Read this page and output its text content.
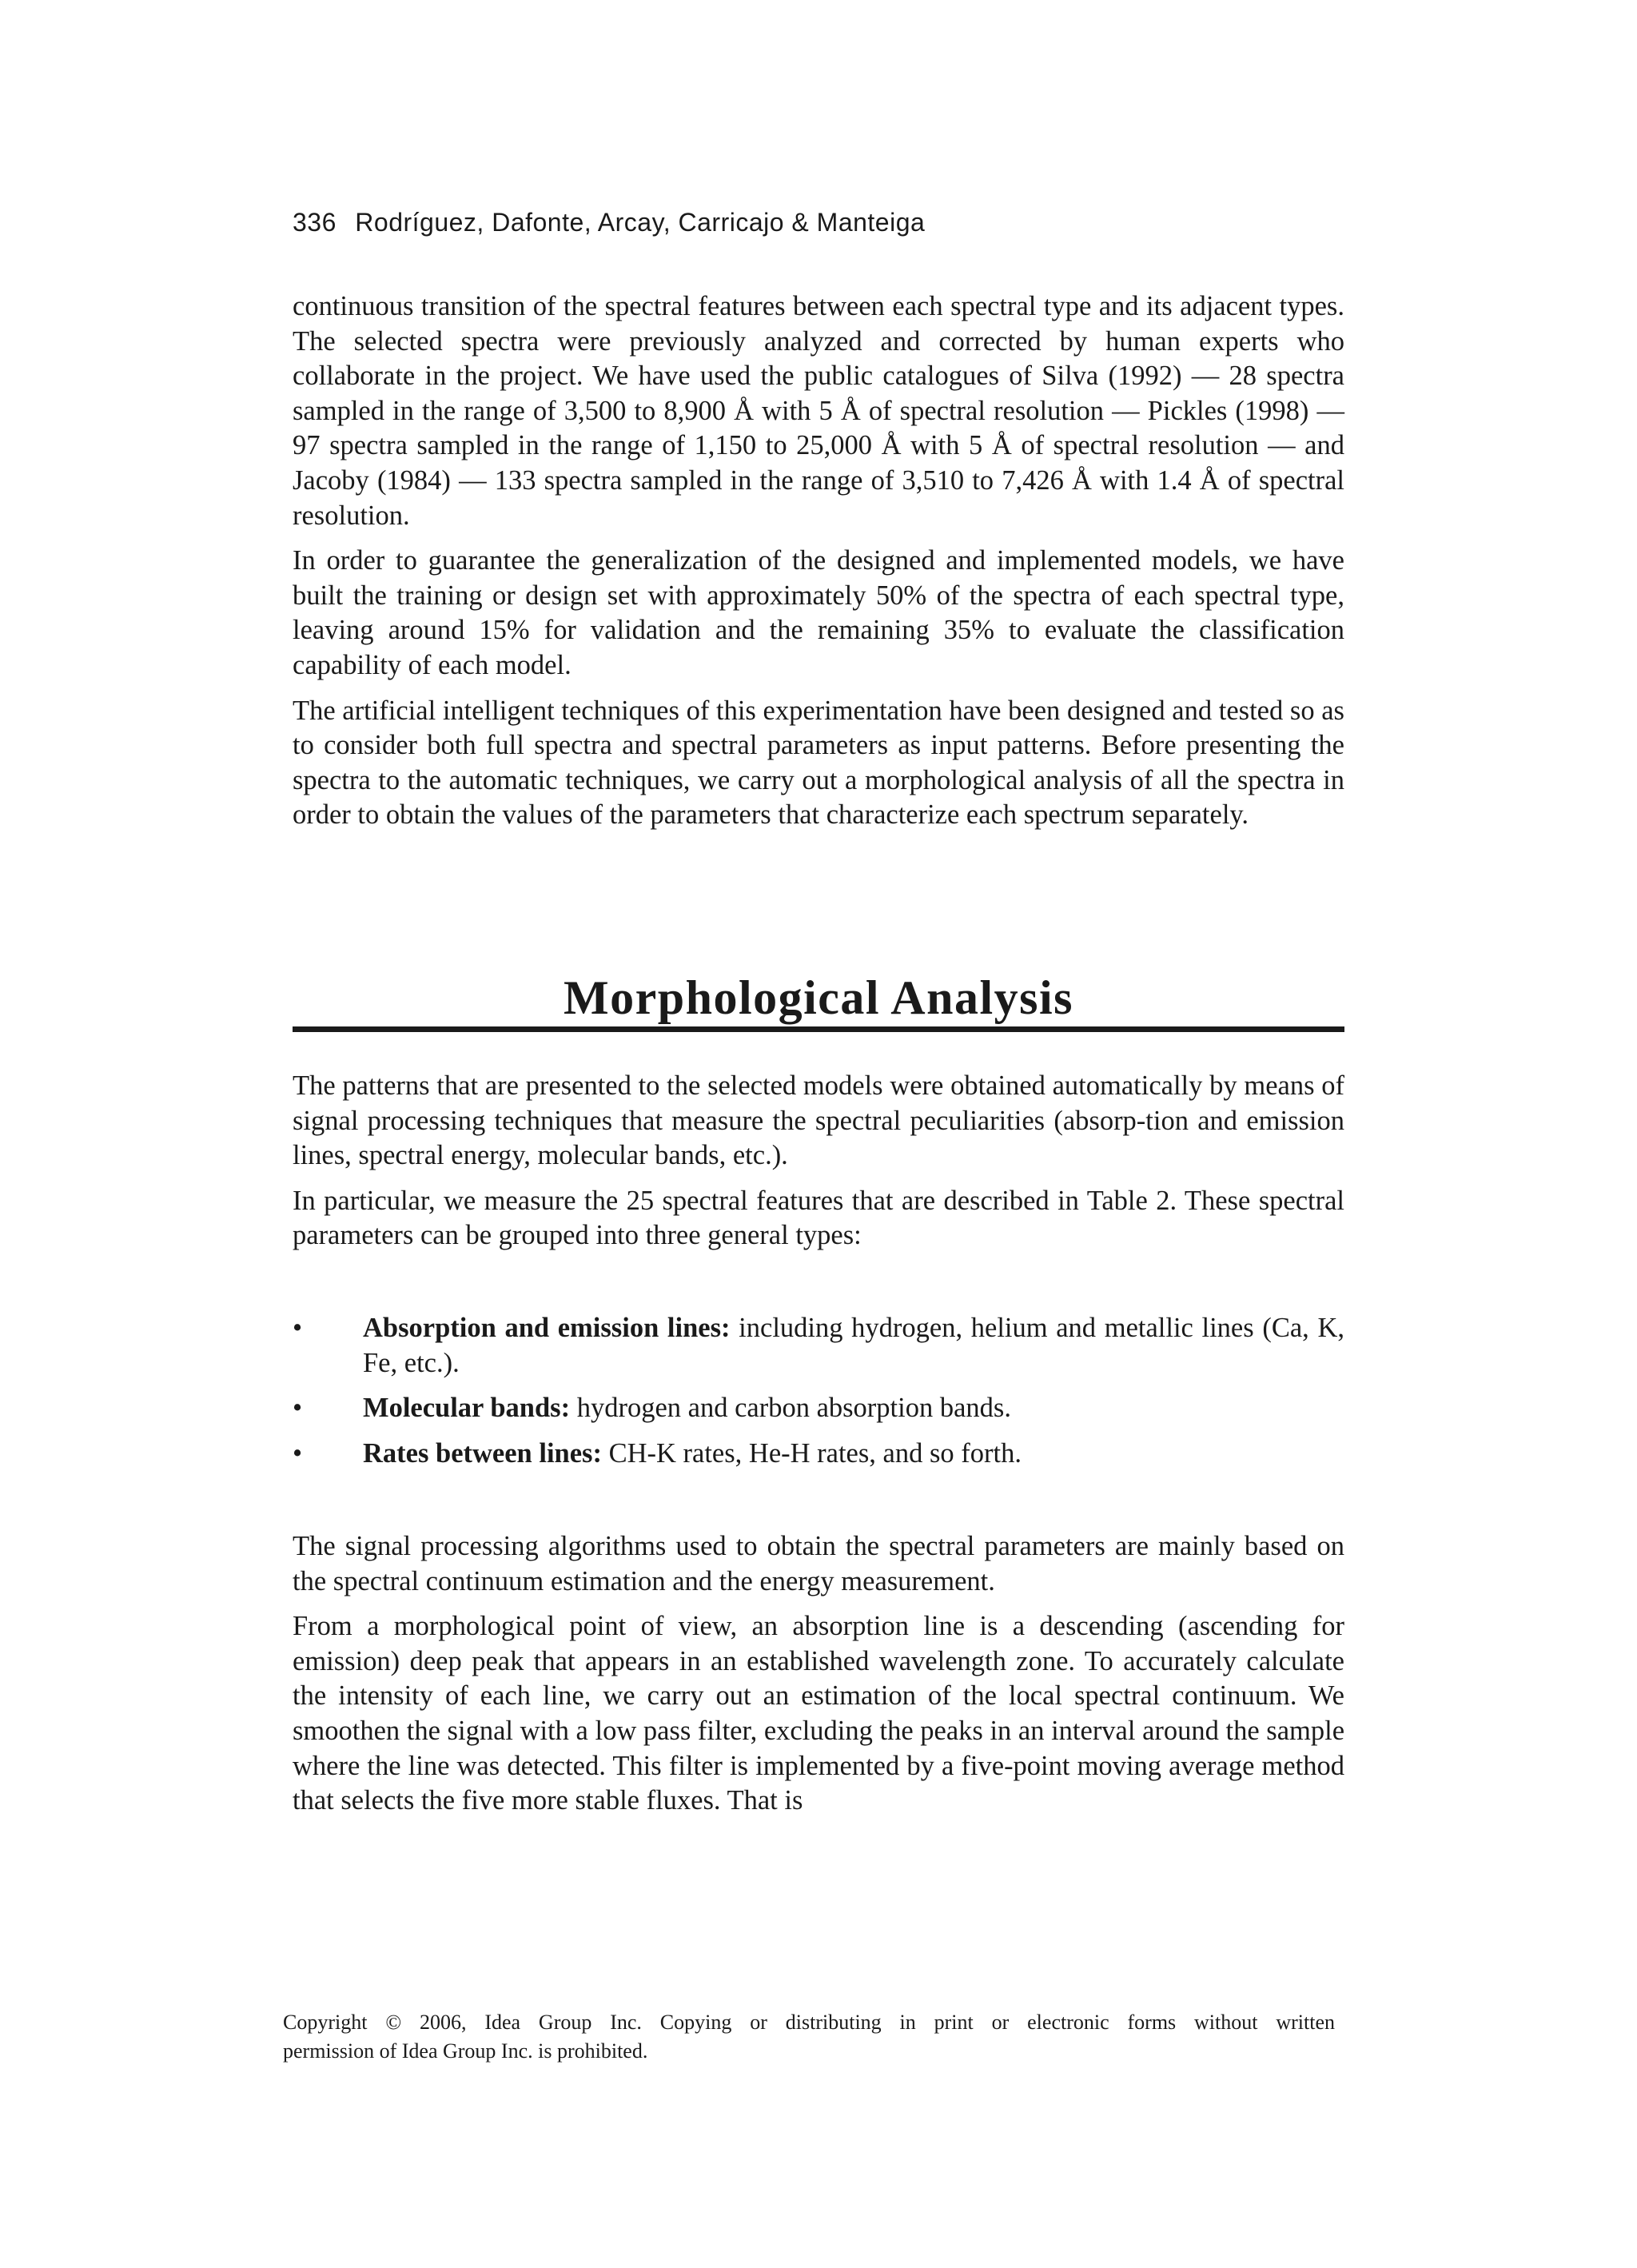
336 Rodríguez, Dafonte, Arcay, Carricajo & Manteiga

continuous transition of the spectral features between each spectral type and its adjacent types. The selected spectra were previously analyzed and corrected by human experts who collaborate in the project. We have used the public catalogues of Silva (1992) — 28 spectra sampled in the range of 3,500 to 8,900 Å with 5 Å of spectral resolution — Pickles (1998) — 97 spectra sampled in the range of 1,150 to 25,000 Å with 5 Å of spectral resolution — and Jacoby (1984) — 133 spectra sampled in the range of 3,510 to 7,426 Å with 1.4 Å of spectral resolution.

In order to guarantee the generalization of the designed and implemented models, we have built the training or design set with approximately 50% of the spectra of each spectral type, leaving around 15% for validation and the remaining 35% to evaluate the classification capability of each model.

The artificial intelligent techniques of this experimentation have been designed and tested so as to consider both full spectra and spectral parameters as input patterns. Before presenting the spectra to the automatic techniques, we carry out a morphological analysis of all the spectra in order to obtain the values of the parameters that characterize each spectrum separately.

Morphological Analysis

The patterns that are presented to the selected models were obtained automatically by means of signal processing techniques that measure the spectral peculiarities (absorp-tion and emission lines, spectral energy, molecular bands, etc.).

In particular, we measure the 25 spectral features that are described in Table 2. These spectral parameters can be grouped into three general types:

• Absorption and emission lines: including hydrogen, helium and metallic lines (Ca, K, Fe, etc.).
• Molecular bands: hydrogen and carbon absorption bands.
• Rates between lines: CH-K rates, He-H rates, and so forth.

The signal processing algorithms used to obtain the spectral parameters are mainly based on the spectral continuum estimation and the energy measurement.

From a morphological point of view, an absorption line is a descending (ascending for emission) deep peak that appears in an established wavelength zone. To accurately calculate the intensity of each line, we carry out an estimation of the local spectral continuum. We smoothen the signal with a low pass filter, excluding the peaks in an interval around the sample where the line was detected. This filter is implemented by a five-point moving average method that selects the five more stable fluxes. That is

Copyright © 2006, Idea Group Inc. Copying or distributing in print or electronic forms without written
permission of Idea Group Inc. is prohibited.
